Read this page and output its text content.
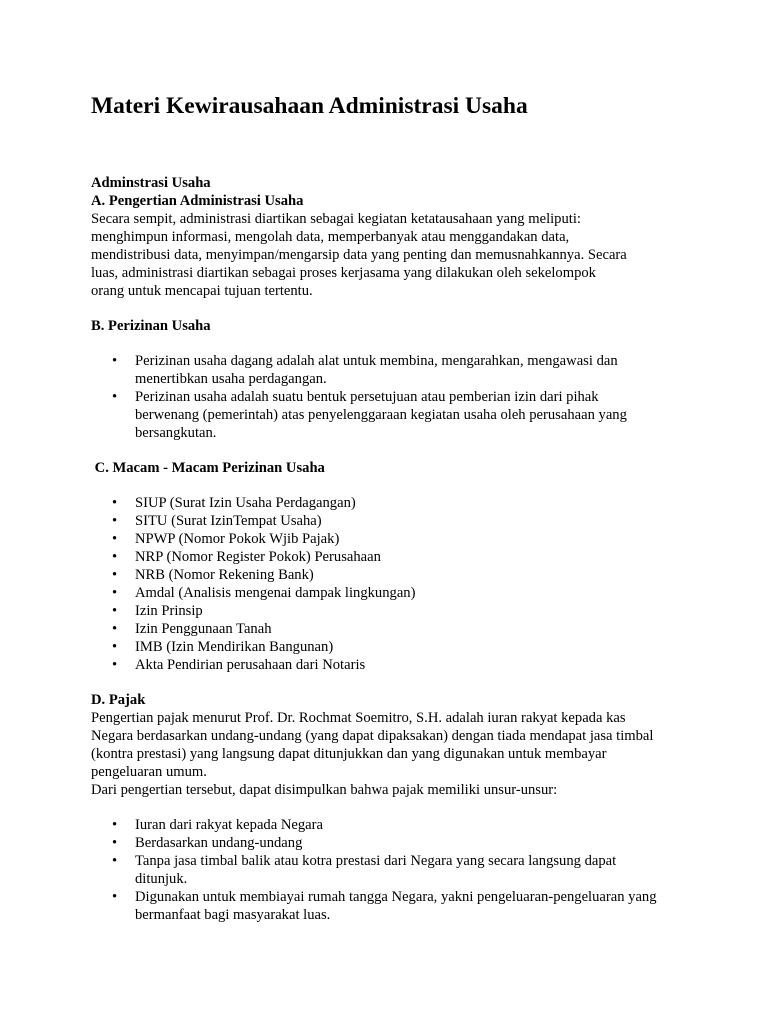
Materi Kewirausahaan Administrasi Usaha

Adminstrasi Usaha

A. Pengertian Administrasi Usaha

Secara sempit, administrasi diartikan sebagai kegiatan ketatausahaan yang meliputi:
menghimpun informasi, mengolah data, memperbanyak atau menggandakan data,
mendistribusi data, menyimpan/mengarsip data yang penting dan memusnahkannya. Secara
luas, administrasi diartikan sebagai proses kerjasama yang dilakukan oleh sekelompok
orang untuk mencapai tujuan tertentu.

B. Perizinan Usaha

• Perizinan usaha dagang adalah alat untuk membina, mengarahkan, mengawasi dan
menertibkan usaha perdagangan.
• Perizinan usaha adalah suatu bentuk persetujuan atau pemberian izin dari pihak
berwenang (pemerintah) atas penyelenggaraan kegiatan usaha oleh perusahaan yang
bersangkutan.

C. Macam - Macam Perizinan Usaha

• SIUP (Surat Izin Usaha Perdagangan)
• SITU (Surat IzinTempat Usaha)
• NPWP (Nomor Pokok Wjib Pajak)
• NRP (Nomor Register Pokok) Perusahaan
• NRB (Nomor Rekening Bank)
• Amdal (Analisis mengenai dampak lingkungan)
• Izin Prinsip
• Izin Penggunaan Tanah
• IMB (Izin Mendirikan Bangunan)
• Akta Pendirian perusahaan dari Notaris

D. Pajak

Pengertian pajak menurut Prof. Dr. Rochmat Soemitro, S.H. adalah iuran rakyat kepada kas
Negara berdasarkan undang-undang (yang dapat dipaksakan) dengan tiada mendapat jasa timbal
(kontra prestasi) yang langsung dapat ditunjukkan dan yang digunakan untuk membayar
pengeluaran umum.
Dari pengertian tersebut, dapat disimpulkan bahwa pajak memiliki unsur-unsur:
• Iuran dari rakyat kepada Negara
• Berdasarkan undang-undang
• Tanpa jasa timbal balik atau kotra prestasi dari Negara yang secara langsung dapat
ditunjuk.
• Digunakan untuk membiayai rumah tangga Negara, yakni pengeluaran-pengeluaran yang
bermanfaat bagi masyarakat luas.
